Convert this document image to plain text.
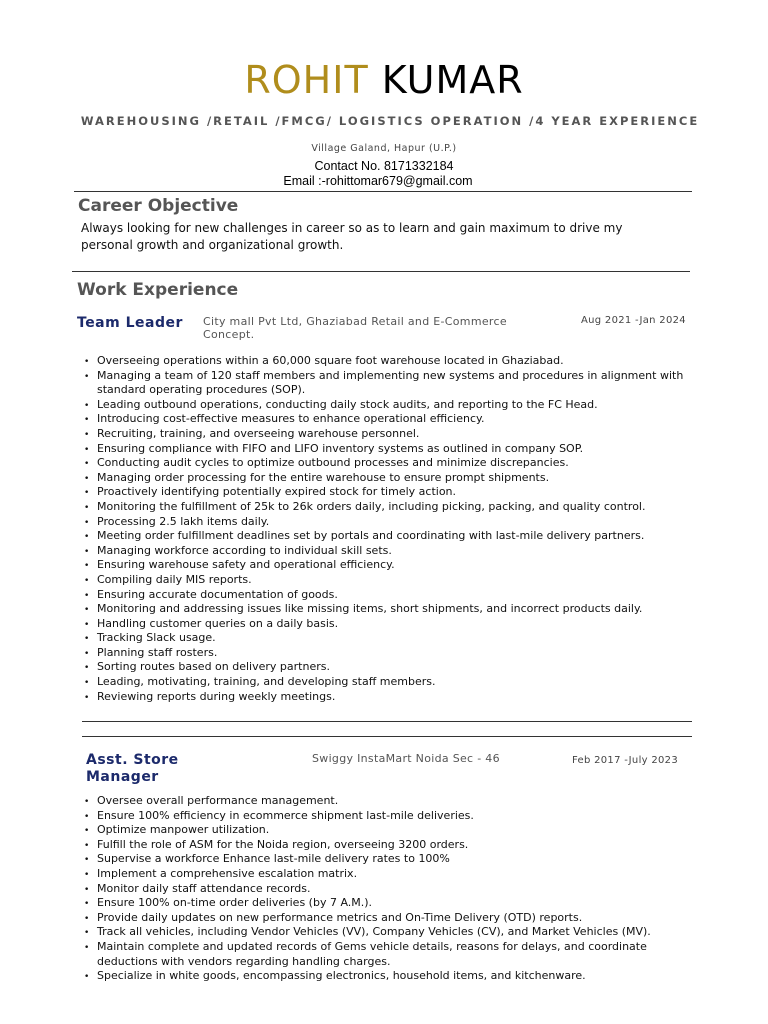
ROHIT KUMAR
WAREHOUSING /RETAIL /FMCG/ LOGISTICS OPERATION /4 YEAR EXPERIENCE
Village Galand, Hapur (U.P.)
Contact No. 8171332184
Email :-rohittomar679@gmail.com
Career Objective
Always looking for new challenges in career so as to learn and gain maximum to drive my
personal growth and organizational growth.
Work Experience
Team Leader City mall Pvt Ltd, Ghaziabad Retail and E-Commerce
Concept.
Aug 2021 -Jan 2024
• Overseeing operations within a 60,000 square foot warehouse located in Ghaziabad.
• Managing a team of 120 staff members and implementing new systems and procedures in alignment with standard operating procedures (SOP).
• Leading outbound operations, conducting daily stock audits, and reporting to the FC Head.
• Introducing cost-effective measures to enhance operational efficiency.
• Recruiting, training, and overseeing warehouse personnel.
• Ensuring compliance with FIFO and LIFO inventory systems as outlined in company SOP.
• Conducting audit cycles to optimize outbound processes and minimize discrepancies.
• Managing order processing for the entire warehouse to ensure prompt shipments.
• Proactively identifying potentially expired stock for timely action.
• Monitoring the fulfillment of 25k to 26k orders daily, including picking, packing, and quality control.
• Processing 2.5 lakh items daily.
• Meeting order fulfillment deadlines set by portals and coordinating with last-mile delivery partners.
• Managing workforce according to individual skill sets.
• Ensuring warehouse safety and operational efficiency.
• Compiling daily MIS reports.
• Ensuring accurate documentation of goods.
• Monitoring and addressing issues like missing items, short shipments, and incorrect products daily.
• Handling customer queries on a daily basis.
• Tracking Slack usage.
• Planning staff rosters.
• Sorting routes based on delivery partners.
• Leading, motivating, training, and developing staff members.
• Reviewing reports during weekly meetings.
Asst. Store
Manager
Swiggy InstaMart Noida Sec - 46	Feb 2017 -July 2023
• Oversee overall performance management.
• Ensure 100% efficiency in ecommerce shipment last-mile deliveries.
• Optimize manpower utilization.
• Fulfill the role of ASM for the Noida region, overseeing 3200 orders.
• Supervise a workforce Enhance last-mile delivery rates to 100%
• Implement a comprehensive escalation matrix.
• Monitor daily staff attendance records.
• Ensure 100% on-time order deliveries (by 7 A.M.).
• Provide daily updates on new performance metrics and On-Time Delivery (OTD) reports.
• Track all vehicles, including Vendor Vehicles (VV), Company Vehicles (CV), and Market Vehicles (MV).
• Maintain complete and updated records of Gems vehicle details, reasons for delays, and coordinate deductions with vendors regarding handling charges.
• Specialize in white goods, encompassing electronics, household items, and kitchenware.
